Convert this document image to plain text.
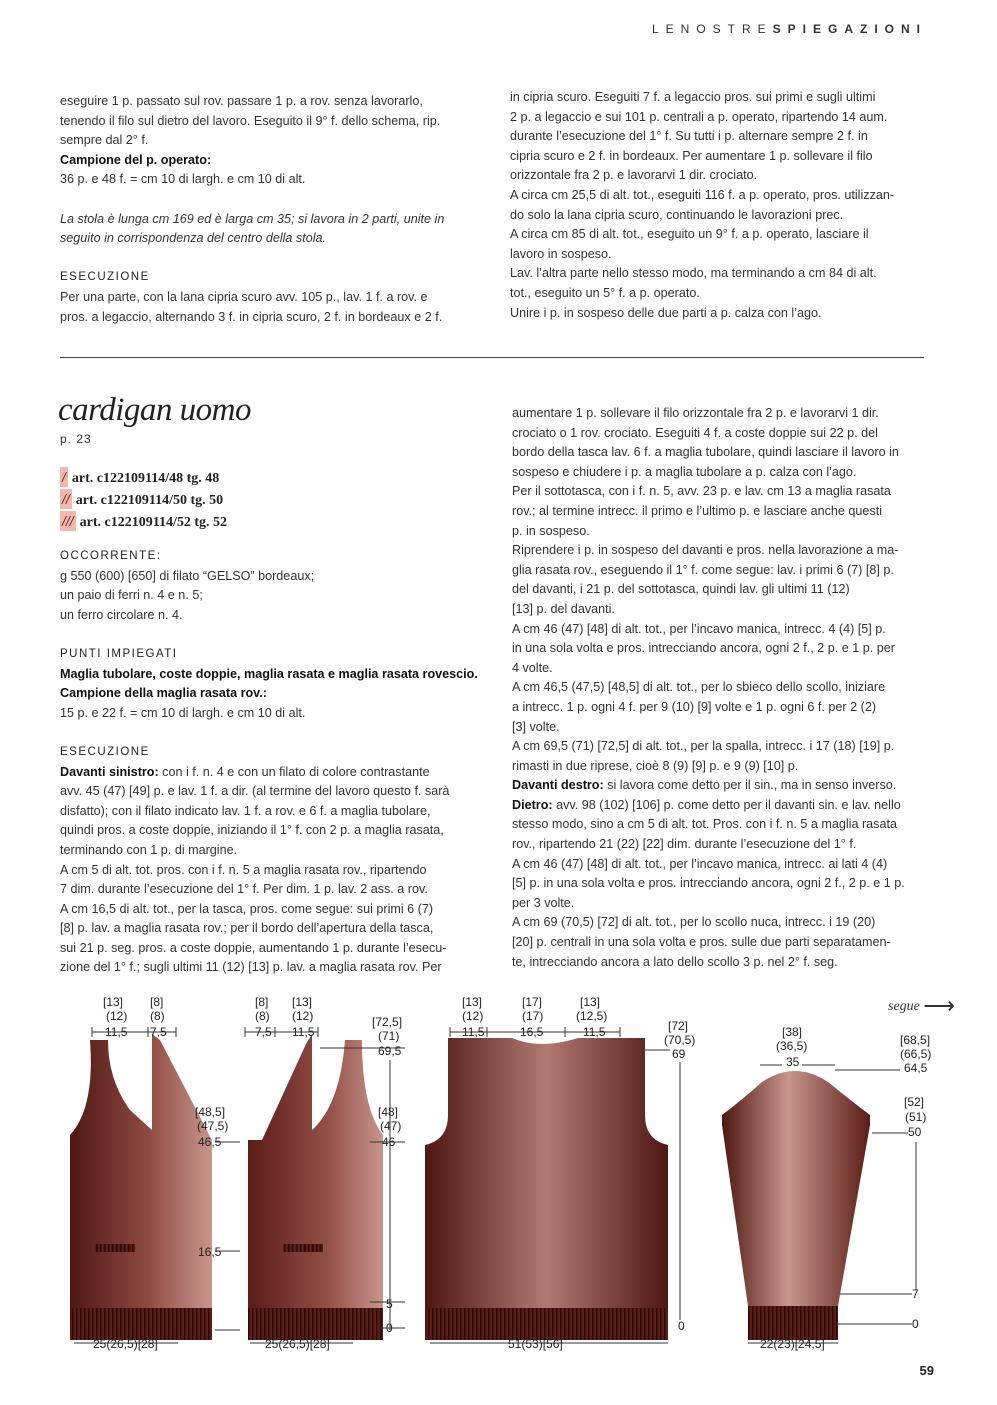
LENOSTRESPIEGAZIONI

eseguire 1 p. passato sul rov. passare 1 p. a rov. senza lavorarlo,

tenendo il filo sul dietro del lavoro. Eseguito il 9° f. dello schema, rip.

sempre dal 2° f.

Campione del p. operato:

36 p. e 48 f. = cm 10 di largh. e cm 10 di alt.

La stola è lunga cm 169 ed è larga cm 35; si lavora in 2 parti, unite in

seguito in corrispondenza del centro della stola.

ESECUZIONE

Per una parte, con la lana cipria scuro avv. 105 p., lav. 1 f. a rov. e

pros. a legaccio, alternando 3 f. in cipria scuro, 2 f. in bordeaux e 2 f.

in cipria scuro. Eseguiti 7 f. a legaccio pros. sui primi e sugli ultimi

2 p. a legaccio e sui 101 p. centrali a p. operato, ripartendo 14 aum.

durante l’esecuzione del 1° f. Su tutti i p. alternare sempre 2 f. in

cipria scuro e 2 f. in bordeaux. Per aumentare 1 p. sollevare il filo

orizzontale fra 2 p. e lavorarvi 1 dir. crociato.

A circa cm 25,5 di alt. tot., eseguiti 116 f. a p. operato, pros. utilizzan-

do solo la lana cipria scuro, continuando le lavorazioni prec.

A circa cm 85 di alt. tot., eseguito un 9° f. a p. operato, lasciare il

lavoro in sospeso.

Lav. l’altra parte nello stesso modo, ma terminando a cm 84 di alt.

tot., eseguito un 5° f. a p. operato.

Unire i p. in sospeso delle due parti a p. calza con l’ago.

cardigan uomo
p. 23
/ art. c122109114/48 tg. 48
// art. c122109114/50 tg. 50
/// art. c122109114/52 tg. 52

OCCORRENTE:

g 550 (600) [650] di filato “GELSO” bordeaux;

un paio di ferri n. 4 e n. 5;

un ferro circolare n. 4.

PUNTI IMPIEGATI

Maglia tubolare, coste doppie, maglia rasata e maglia rasata rovescio.

Campione della maglia rasata rov.:

15 p. e 22 f. = cm 10 di largh. e cm 10 di alt.

ESECUZIONE

Davanti sinistro: con i f. n. 4 e con un filato di colore contrastante

avv. 45 (47) [49] p. e lav. 1 f. a dir. (al termine del lavoro questo f. sarà

disfatto); con il filato indicato lav. 1 f. a rov. e 6 f. a maglia tubolare,

quindi pros. a coste doppie, iniziando il 1° f. con 2 p. a maglia rasata,

terminando con 1 p. di margine.

A cm 5 di alt. tot. pros. con i f. n. 5 a maglia rasata rov., ripartendo

7 dim. durante l’esecuzione del 1° f. Per dim. 1 p. lav. 2 ass. a rov.

A cm 16,5 di alt. tot., per la tasca, pros. come segue: sui primi 6 (7)

[8] p. lav. a maglia rasata rov.; per il bordo dell’apertura della tasca,

sui 21 p. seg. pros. a coste doppie, aumentando 1 p. durante l’esecu-

zione del 1° f.; sugli ultimi 11 (12) [13] p. lav. a maglia rasata rov. Per

aumentare 1 p. sollevare il filo orizzontale fra 2 p. e lavorarvi 1 dir.

crociato o 1 rov. crociato. Eseguiti 4 f. a coste doppie sui 22 p. del

bordo della tasca lav. 6 f. a maglia tubolare, quindi lasciare il lavoro in

sospeso e chiudere i p. a maglia tubolare a p. calza con l’ago.

Per il sottotasca, con i f. n. 5, avv. 23 p. e lav. cm 13 a maglia rasata

rov.; al termine intrecc. il primo e l’ultimo p. e lasciare anche questi

p. in sospeso.

Riprendere i p. in sospeso del davanti e pros. nella lavorazione a ma-

glia rasata rov., eseguendo il 1° f. come segue: lav. i primi 6 (7) [8] p.

del davanti, i 21 p. del sottotasca, quindi lav. gli ultimi 11 (12)

[13] p. del davanti.

A cm 46 (47) [48] di alt. tot., per l’incavo manica, intrecc. 4 (4) [5] p.

in una sola volta e pros. intrecciando ancora, ogni 2 f., 2 p. e 1 p. per

4 volte.

A cm 46,5 (47,5) [48,5] di alt. tot., per lo sbieco dello scollo, iniziare

a intrecc. 1 p. ogni 4 f. per 9 (10) [9] volte e 1 p. ogni 6 f. per 2 (2)

[3] volte.

A cm 69,5 (71) [72,5] di alt. tot., per la spalla, intrecc. i 17 (18) [19] p.

rimasti in due riprese, cioè 8 (9) [9] p. e 9 (9) [10] p.

Davanti destro: si lavora come detto per il sin., ma in senso inverso.

Dietro: avv. 98 (102) [106] p. come detto per il davanti sin. e lav. nello

stesso modo, sino a cm 5 di alt. tot. Pros. con i f. n. 5 a maglia rasata

rov., ripartendo 21 (22) [22] dim. durante l’esecuzione del 1° f.

A cm 46 (47) [48] di alt. tot., per l’incavo manica, intrecc. ai lati 4 (4)

[5] p. in una sola volta e pros. intrecciando ancora, ogni 2 f., 2 p. e 1 p.

per 3 volte.

A cm 69 (70,5) [72] di alt. tot., per lo scollo nuca, intrecc. i 19 (20)

[20] p. centrali in una sola volta e pros. sulle due parti separatamen-

te, intrecciando ancora a lato dello scollo 3 p. nel 2° f. seg.

segue ⟶
[13]
(12)
11,5
[8]
(8)
7,5
[48,5]
(47,5)
46,5
16,5
25(26,5)[28]
[8]
(8)
7,5
[13]
(12)
11,5
[72,5]
(71)
69,5
[48]
(47)
46
5
0
25(26,5)[28]
[13]
(12)
11,5
[17]
(17)
16,5
[13]
(12,5)
11,5	[72]
(70,5)
69
0
51(53)[56]
[38]
(36,5)
35
[68,5]
(66,5)
64,5
[52]
(51)
50
7
0
22(23)[24,5]
59
